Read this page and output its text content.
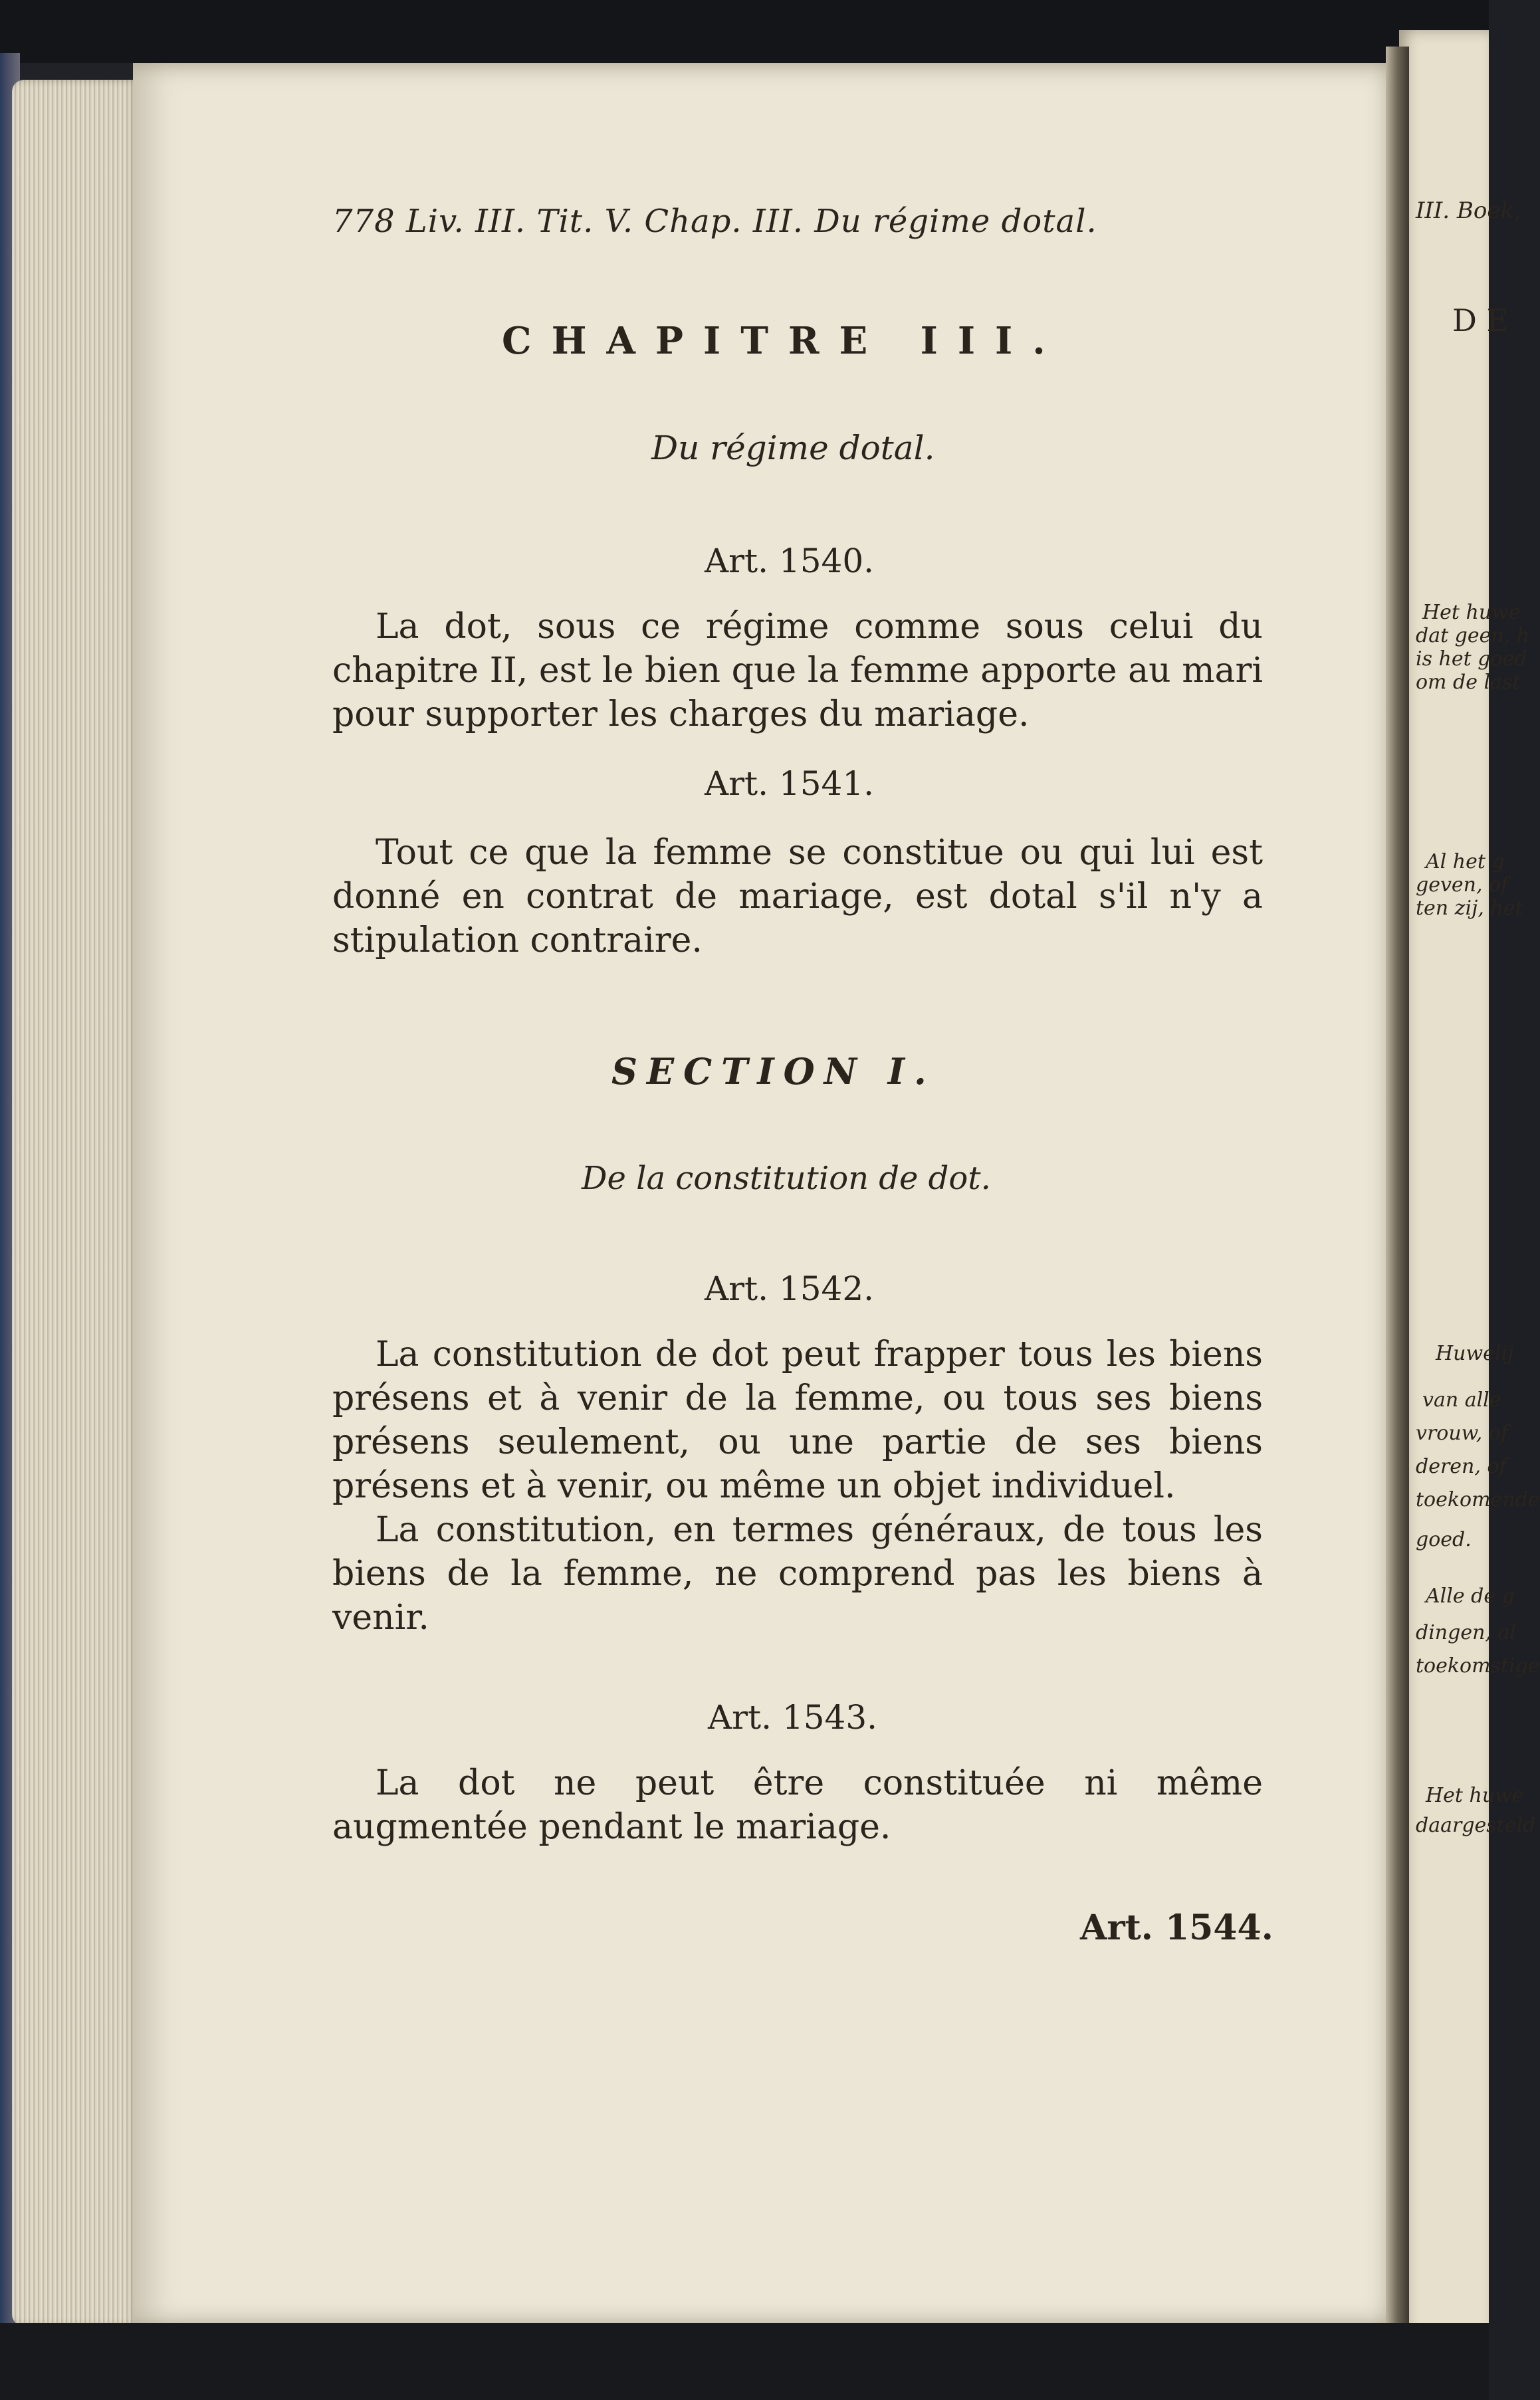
778 Liv. III. Tit. V. Chap. III. Du régime dotal.
CHAPITRE III.
Du régime dotal.
Art. 1540.

La dot, sous ce régime comme sous celui du chapitre II, est le bien que la femme apporte au mari pour supporter les charges du mariage.

Art. 1541.

Tout ce que la femme se constitue ou qui lui est donné en contrat de mariage, est dotal s'il n'y a stipulation contraire.

SECTION I.
De la constitution de dot.
Art. 1542.

La constitution de dot peut frapper tous les biens présens et à venir de la femme, ou tous ses biens présens seulement, ou une partie de ses biens présens et à venir, ou même un objet individuel.

La constitution, en termes généraux, de tous les biens de la femme, ne comprend pas les biens à venir.

Art. 1543.

La dot ne peut être constituée ni même augmentée pendant le mariage.

Art. 1544.
III. Boek,
D E
Het huwe
dat geen, h
is het goed
om de last
Al het g
geven, of
ten zij, het
Huwelij
van alle
vrouw, of
deren, of
toekomende
goed.
Alle de g
dingen, al
toekomstige
Het huwe
daargesteld
